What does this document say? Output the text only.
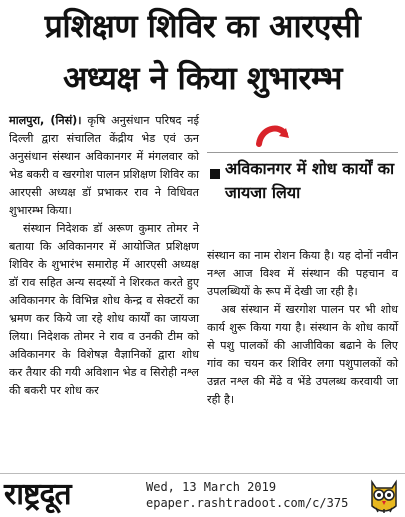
प्रशिक्षण शिविर का आरएसी
अध्यक्ष ने किया शुभारम्भ

मालपुरा, (निसं)। कृषि अनुसंधान परिषद नई दिल्ली द्वारा संचालित केंद्रीय भेड एवं ऊन अनुसंधान संस्थान अविकानगर में मंगलवार को भेड बकरी व खरगोश पालन प्रशिक्षण शिविर का आरएसी अध्यक्ष डॉ प्रभाकर राव ने विधिवत शुभारम्भ किया।

संस्थान निदेशक डॉ अरूण कुमार तोमर ने बताया कि अविकानगर में आयोजित प्रशिक्षण शिविर के शुभारंभ समारोह में आरएसी अध्यक्ष डॉ राव सहित अन्य सदस्यों ने शिरकत करते हुए अविकानगर के विभिन्न शोध केन्द्र व सेक्टरों का भ्रमण कर किये जा रहे शोध कार्यों का जायजा लिया। निदेशक तोमर ने राव व उनकी टीम को अविकानगर के विशेषज्ञ वैज्ञानिकों द्वारा शोध कर तैयार की गयी अविशान भेड व सिरोही नश्ल की बकरी पर शोध कर

अविकानगर में शोध कार्यों का जायजा लिया

संस्थान का नाम रोशन किया है। यह दोनों नवीन नश्ल आज विश्व में संस्थान की पहचान व उपलब्धियों के रूप में देखी जा रही है।

अब संस्थान में खरगोश पालन पर भी शोध कार्य शुरू किया गया है। संस्थान के शोध कार्यो से पशु पालकों की आजीविका बढाने के लिए गांव का चयन कर शिविर लगा पशुपालकों को उन्नत नश्ल की मेंढे व भेंडे उपलब्ध करवायी जा रही है।

राष्ट्रदूत	Wed, 13 March 2019
epaper.rashtradoot.com/c/375
